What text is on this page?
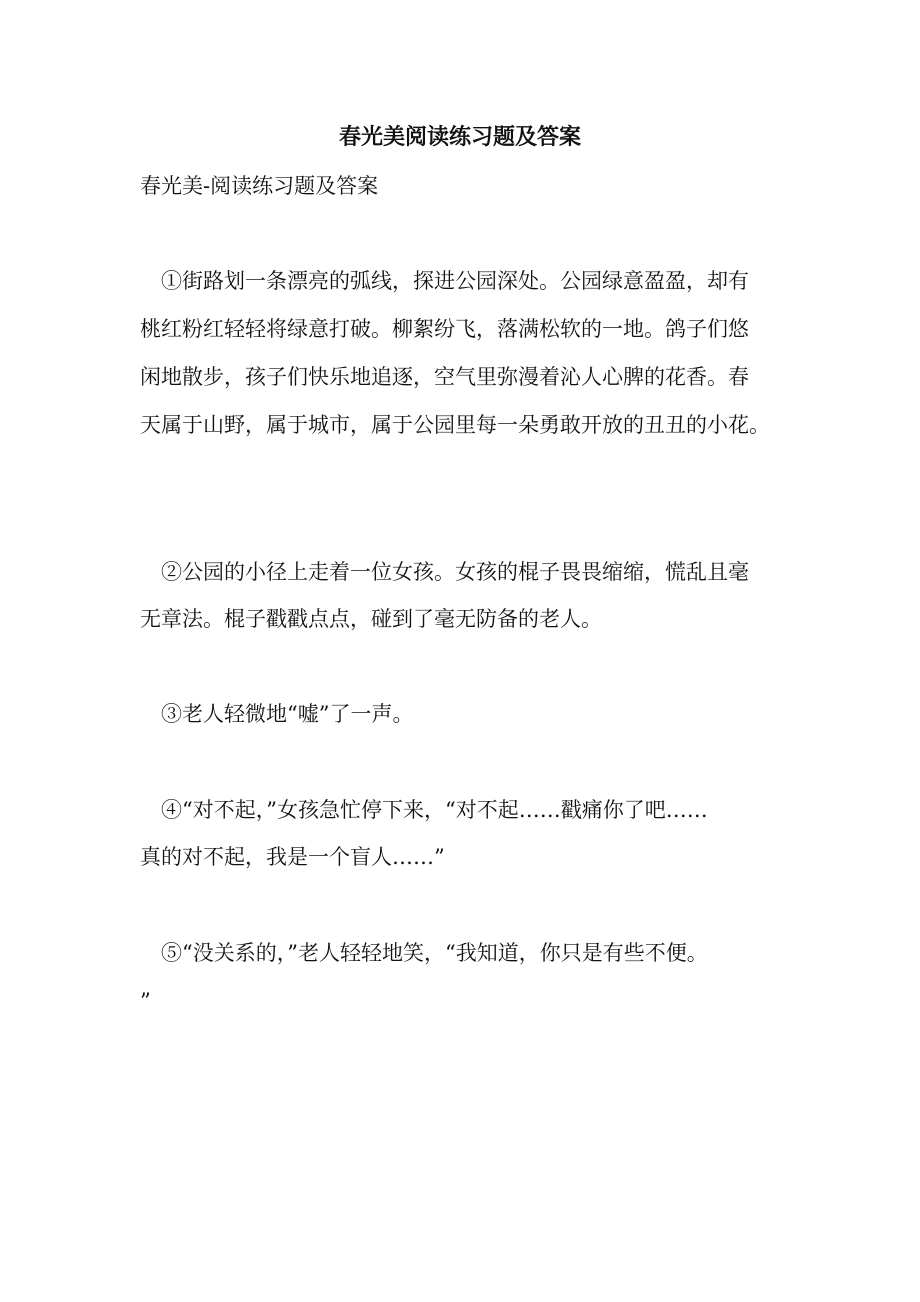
春光美阅读练习题及答案
春光美-阅读练习题及答案
　①街路划一条漂亮的弧线，探进公园深处。公园绿意盈盈，却有
桃红粉红轻轻将绿意打破。柳絮纷飞，落满松软的一地。鸽子们悠
闲地散步，孩子们快乐地追逐，空气里弥漫着沁人心脾的花香。春
天属于山野，属于城市，属于公园里每一朵勇敢开放的丑丑的小花。
　②公园的小径上走着一位女孩。女孩的棍子畏畏缩缩，慌乱且毫
无章法。棍子戳戳点点，碰到了毫无防备的老人。
　③老人轻微地“嘘”了一声。
　④“对不起，”女孩急忙停下来，“对不起……戳痛你了吧……
真的对不起，我是一个盲人……”
　⑤“没关系的，”老人轻轻地笑，“我知道，你只是有些不便。
”
